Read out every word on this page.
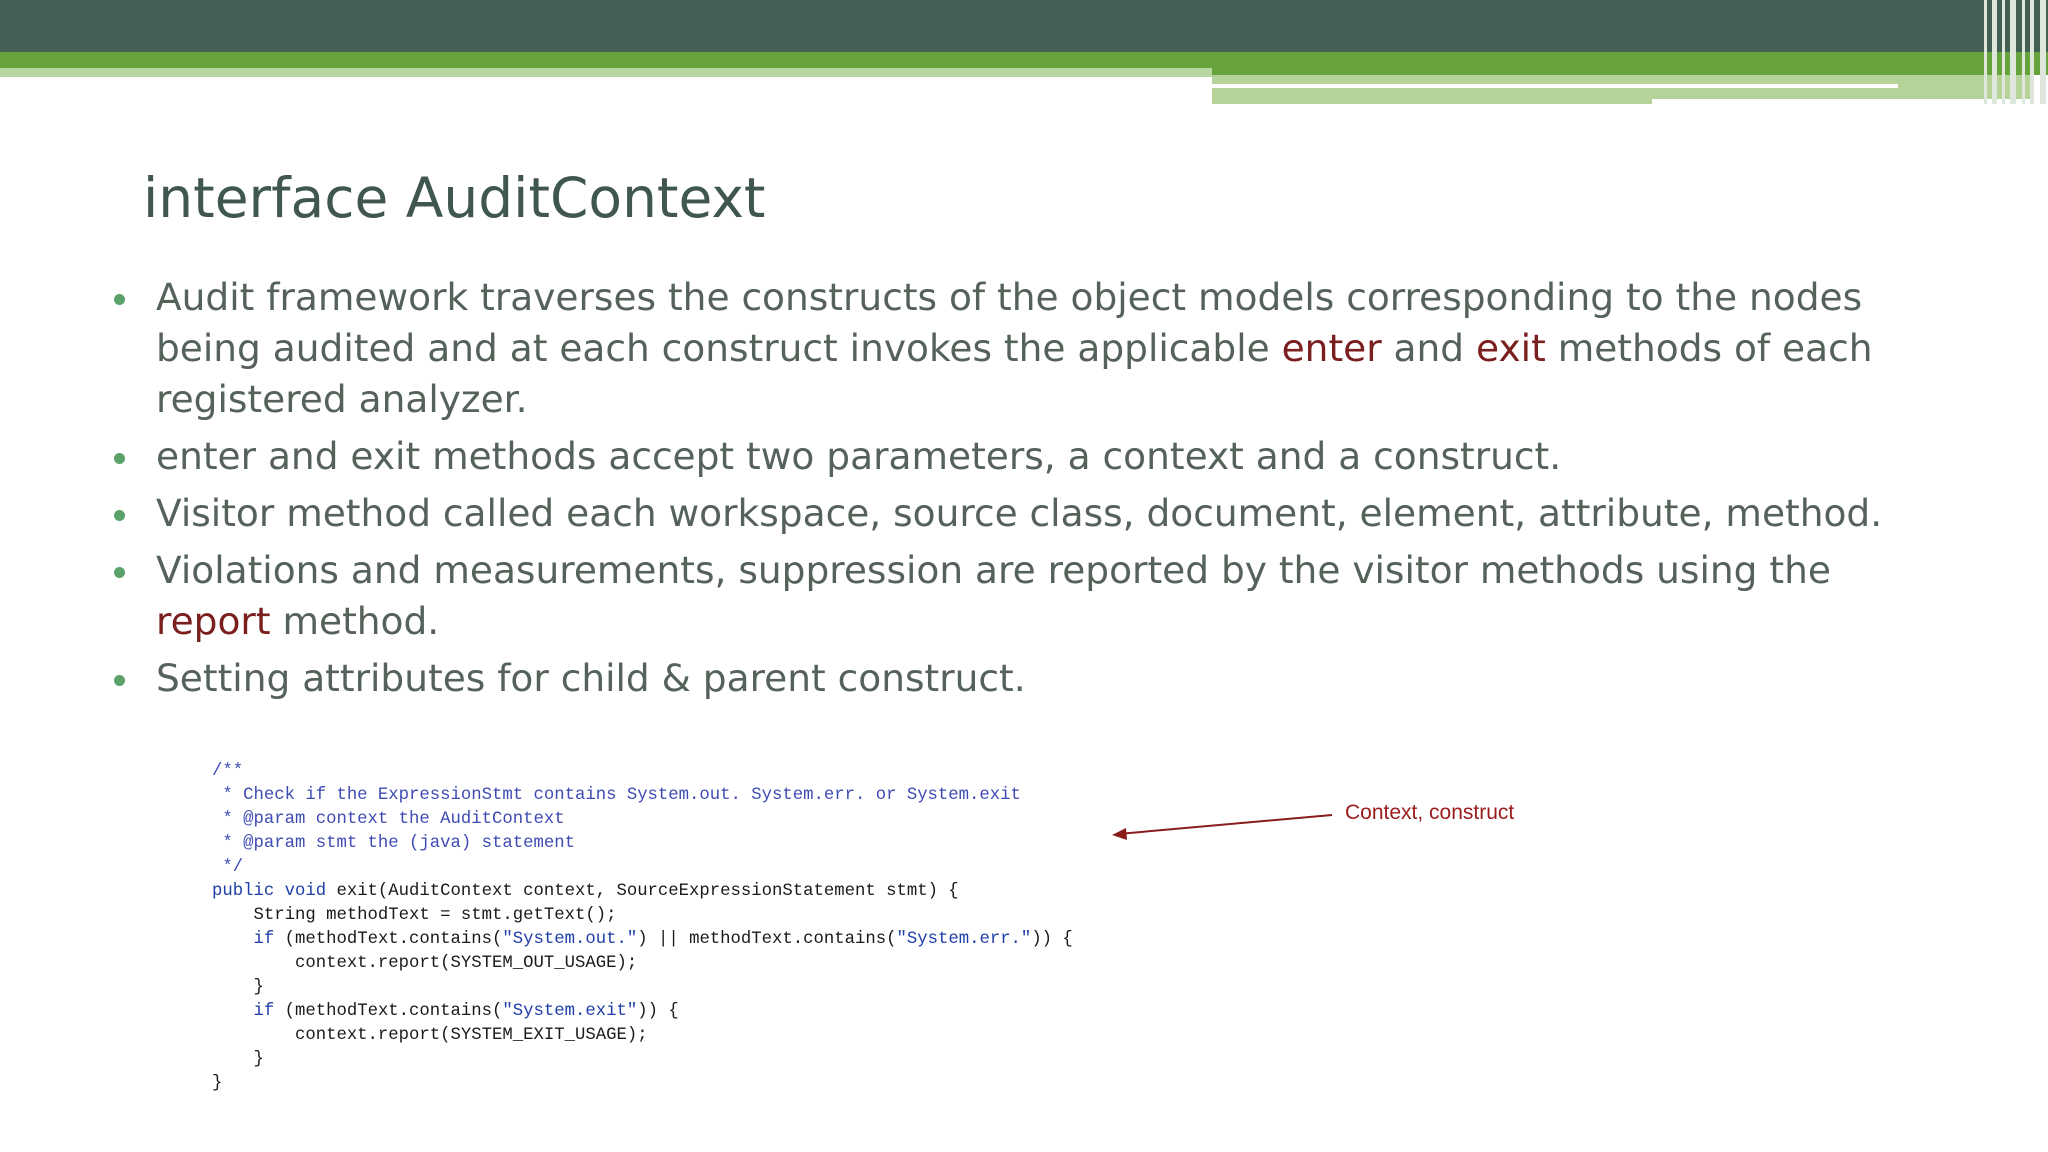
interface AuditContext
Audit framework traverses the constructs of the object models corresponding to the nodes being audited and at each construct invokes the applicable enter and exit methods of each registered analyzer.
enter and exit methods accept two parameters, a context and a construct.
Visitor method called each workspace, source class, document, element, attribute, method.
Violations and measurements, suppression are reported by the visitor methods using the report method.
Setting attributes for child & parent construct.
/**
* Check if the ExpressionStmt contains System.out. System.err. or System.exit
* @param context the AuditContext
* @param stmt the (java) statement
*/
public void exit(AuditContext context, SourceExpressionStatement stmt) {
String methodText = stmt.getText();
if (methodText.contains("System.out.") || methodText.contains("System.err.")) {
context.report(SYSTEM_OUT_USAGE);
}
if (methodText.contains("System.exit")) {
context.report(SYSTEM_EXIT_USAGE);
}
}
Context, construct
